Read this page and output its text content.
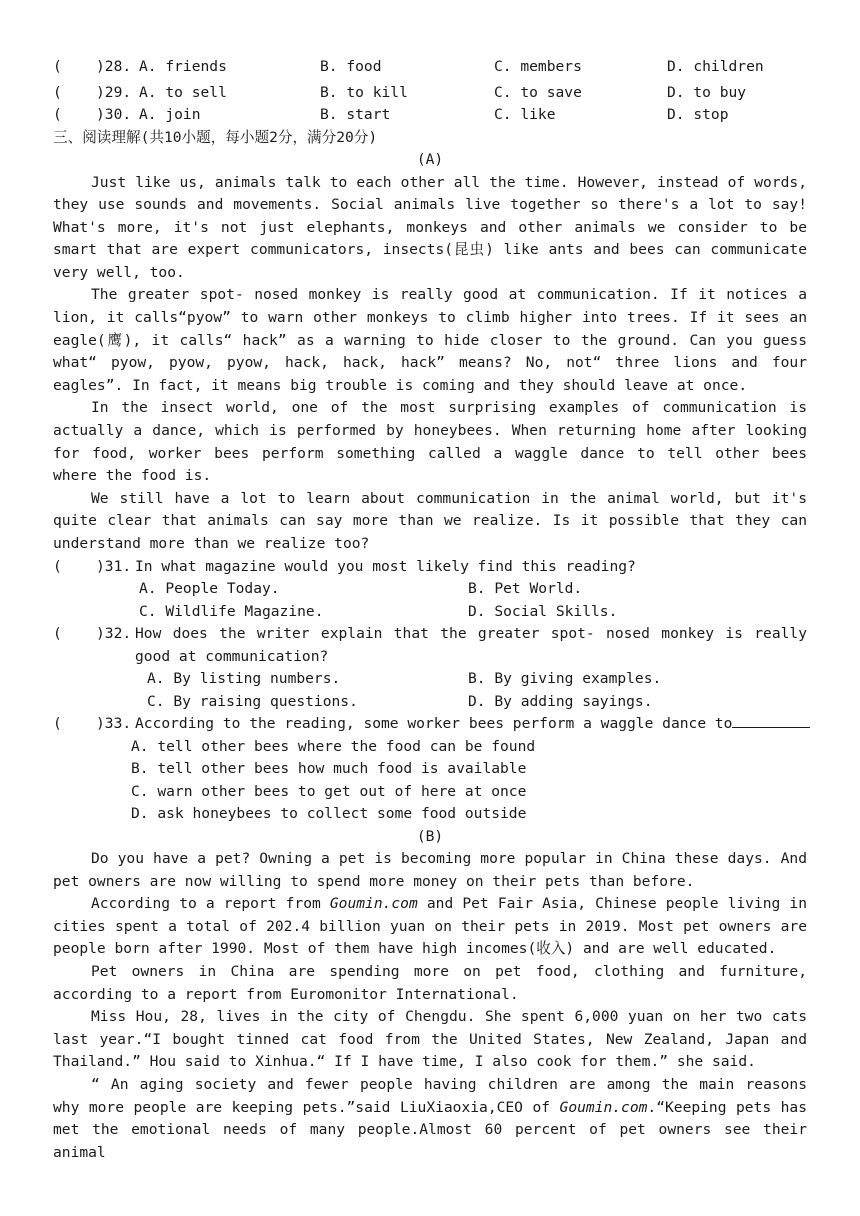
( )28. A. friends	B. food	C. members	D. children
( )29. A. to sell	B. to kill	C. to save	D. to buy
( )30. A. join	B. start	C. like	D. stop
三、阅读理解(共10小题，每小题2分，满分20分)
(A)

Just like us, animals talk to each other all the time. However, instead of words, they use sounds and movements. Social animals live together so there's a lot to say! What's more, it's not just elephants, monkeys and other animals we consider to be smart that are expert communicators, insects(昆虫) like ants and bees can communicate very well, too.

The greater spot- nosed monkey is really good at communication. If it notices a lion, it calls“pyow” to warn other monkeys to climb higher into trees. If it sees an eagle(鹰), it calls“ hack” as a warning to hide closer to the ground. Can you guess what“ pyow, pyow, pyow, hack, hack, hack” means? No, not“ three lions and four eagles”. In fact, it means big trouble is coming and they should leave at once.

In the insect world, one of the most surprising examples of communication is actually a dance, which is performed by honeybees. When returning home after looking for food, worker bees perform something called a waggle dance to tell other bees where the food is.

We still have a lot to learn about communication in the animal world, but it's quite clear that animals can say more than we realize. Is it possible that they can understand more than we realize too?

( )31. In what magazine would you most likely find this reading?
A. People Today.	B. Pet World.
C. Wildlife Magazine.	D. Social Skills.
( )32. How does the writer explain that the greater spot- nosed monkey is really good at communication?
A. By listing numbers.	B. By giving examples.
C. By raising questions.	D. By adding sayings.
( )33. According to the reading, some worker bees perform a waggle dance to
A. tell other bees where the food can be found
B. tell other bees how much food is available
C. warn other bees to get out of here at once
D. ask honeybees to collect some food outside
(B)

Do you have a pet? Owning a pet is becoming more popular in China these days. And pet owners are now willing to spend more money on their pets than before.

According to a report from Goumin.com and Pet Fair Asia, Chinese people living in cities spent a total of 202.4 billion yuan on their pets in 2019. Most pet owners are people born after 1990. Most of them have high incomes(收入) and are well educated.

Pet owners in China are spending more on pet food, clothing and furniture, according to a report from Euromonitor International.

Miss Hou, 28, lives in the city of Chengdu. She spent 6,000 yuan on her two cats last year.“I bought tinned cat food from the United States, New Zealand, Japan and Thailand.” Hou said to Xinhua.“ If I have time, I also cook for them.” she said.

“ An aging society and fewer people having children are among the main reasons why more people are keeping pets.”said LiuXiaoxia,CEO of Goumin.com.“Keeping pets has met the emotional needs of many people.Almost 60 percent of pet owners see their animal
